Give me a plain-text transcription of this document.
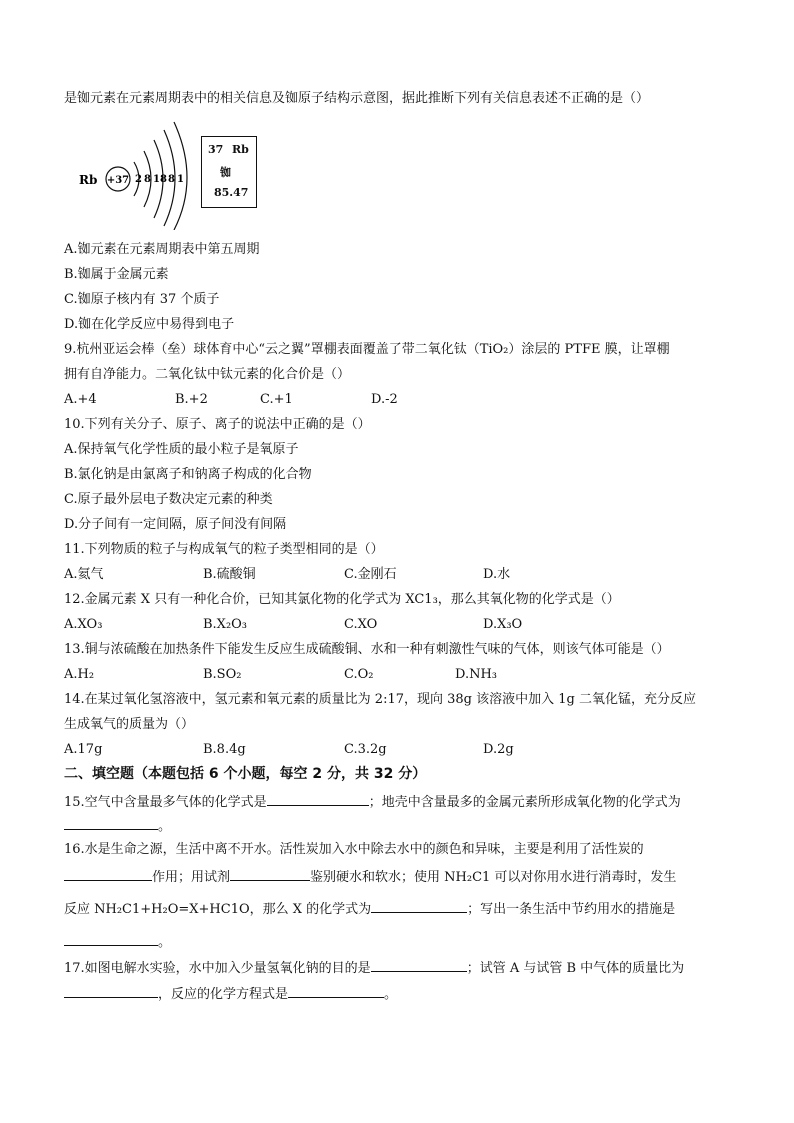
是铷元素在元素周期表中的相关信息及铷原子结构示意图，据此推断下列有关信息表述不正确的是（）
Rb +37 2 8 18 8 1
37 Rb
铷
85.47
A.铷元素在元素周期表中第五周期
B.铷属于金属元素
C.铷原子核内有 37 个质子
D.铷在化学反应中易得到电子
9.杭州亚运会棒（垒）球体育中心“云之翼”罩棚表面覆盖了带二氧化钛（TiO₂）涂层的 PTFE 膜，让罩棚
拥有自净能力。二氧化钛中钛元素的化合价是（）
A.+4	B.+2	C.+1	D.-2
10.下列有关分子、原子、离子的说法中正确的是（）
A.保持氧气化学性质的最小粒子是氧原子
B.氯化钠是由氯离子和钠离子构成的化合物
C.原子最外层电子数决定元素的种类
D.分子间有一定间隔，原子间没有间隔
11.下列物质的粒子与构成氧气的粒子类型相同的是（）
A.氦气	B.硫酸铜	C.金刚石	D.水
12.金属元素 X 只有一种化合价，已知其氯化物的化学式为 XC1₃，那么其氧化物的化学式是（）
A.XO₃	B.X₂O₃	C.XO	D.X₃O
13.铜与浓硫酸在加热条件下能发生反应生成硫酸铜、水和一种有刺激性气味的气体，则该气体可能是（）
A.H₂	B.SO₂	C.O₂	D.NH₃
14.在某过氧化氢溶液中，氢元素和氧元素的质量比为 2:17，现向 38g 该溶液中加入 1g 二氧化锰，充分反应
生成氧气的质量为（）
A.17g	B.8.4g	C.3.2g	D.2g
二、填空题（本题包括 6 个小题，每空 2 分，共 32 分）
15.空气中含量最多气体的化学式是	；地壳中含量最多的金属元素所形成氧化物的化学式为
。
16.水是生命之源，生活中离不开水。活性炭加入水中除去水中的颜色和异味，主要是利用了活性炭的
作用；用试剂	鉴别硬水和软水；使用 NH₂C1 可以对你用水进行消毒时，发生
反应 NH₂C1+H₂O=X+HC1O，那么 X 的化学式为	；写出一条生活中节约用水的措施是
。
17.如图电解水实验，水中加入少量氢氧化钠的目的是	；试管 A 与试管 B 中气体的质量比为
，反应的化学方程式是	。
